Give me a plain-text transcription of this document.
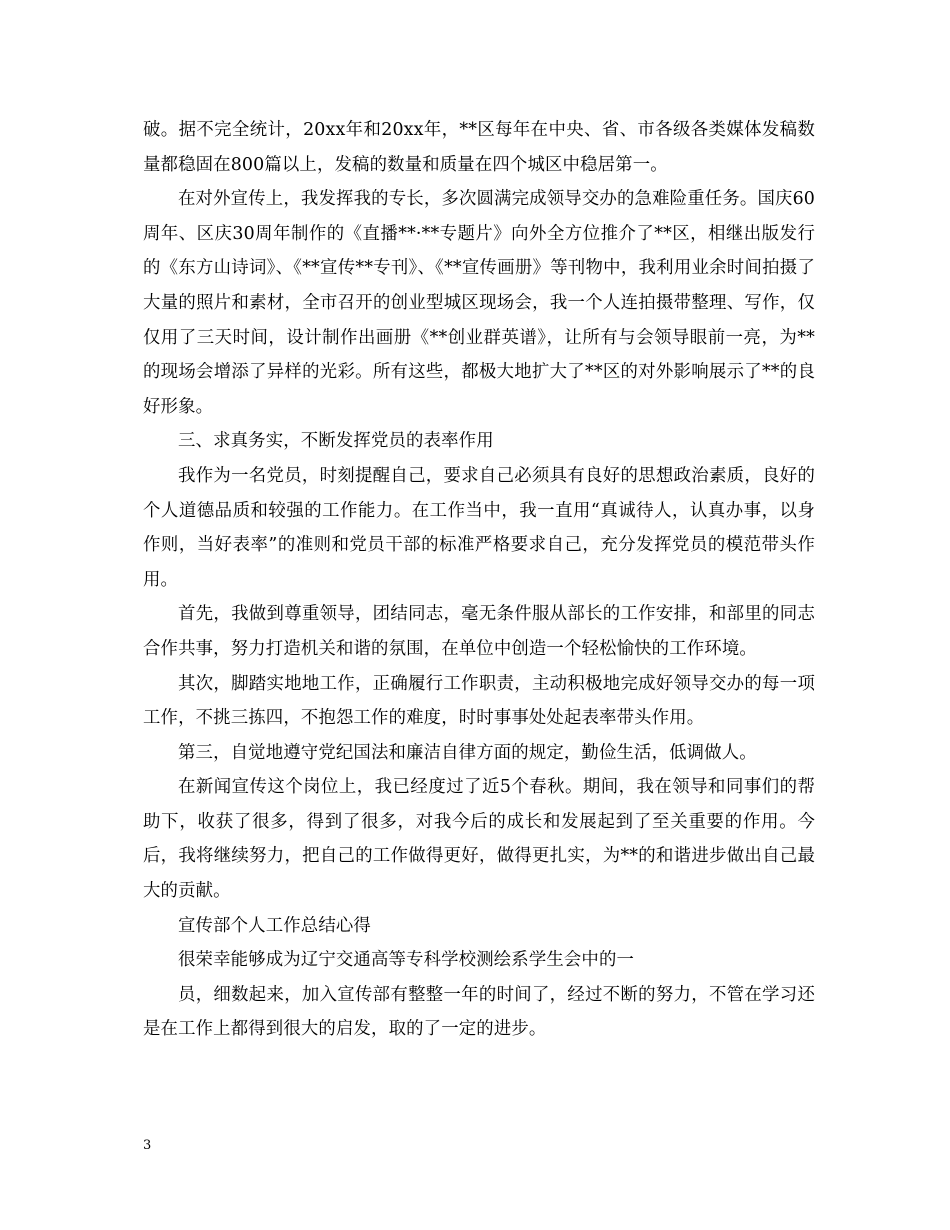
破。据不完全统计，20xx年和20xx年，**区每年在中央、省、市各级各类媒体发稿数量都稳固在800篇以上，发稿的数量和质量在四个城区中稳居第一。

在对外宣传上，我发挥我的专长，多次圆满完成领导交办的急难险重任务。国庆60周年、区庆30周年制作的《直播**·**专题片》向外全方位推介了**区，相继出版发行的《东方山诗词》、《**宣传**专刊》、《**宣传画册》等刊物中，我利用业余时间拍摄了大量的照片和素材，全市召开的创业型城区现场会，我一个人连拍摄带整理、写作，仅仅用了三天时间，设计制作出画册《**创业群英谱》，让所有与会领导眼前一亮，为**的现场会增添了异样的光彩。所有这些，都极大地扩大了**区的对外影响展示了**的良好形象。

三、求真务实，不断发挥党员的表率作用

我作为一名党员，时刻提醒自己，要求自己必须具有良好的思想政治素质，良好的个人道德品质和较强的工作能力。在工作当中，我一直用“真诚待人，认真办事，以身作则，当好表率”的准则和党员干部的标准严格要求自己，充分发挥党员的模范带头作用。

首先，我做到尊重领导，团结同志，毫无条件服从部长的工作安排，和部里的同志合作共事，努力打造机关和谐的氛围，在单位中创造一个轻松愉快的工作环境。

其次，脚踏实地地工作，正确履行工作职责，主动积极地完成好领导交办的每一项工作，不挑三拣四，不抱怨工作的难度，时时事事处处起表率带头作用。

第三，自觉地遵守党纪国法和廉洁自律方面的规定，勤俭生活，低调做人。

在新闻宣传这个岗位上，我已经度过了近5个春秋。期间，我在领导和同事们的帮助下，收获了很多，得到了很多，对我今后的成长和发展起到了至关重要的作用。今后，我将继续努力，把自己的工作做得更好，做得更扎实，为**的和谐进步做出自己最大的贡献。

宣传部个人工作总结心得

很荣幸能够成为辽宁交通高等专科学校测绘系学生会中的一

员，细数起来，加入宣传部有整整一年的时间了，经过不断的努力，不管在学习还是在工作上都得到很大的启发，取的了一定的进步。

3
